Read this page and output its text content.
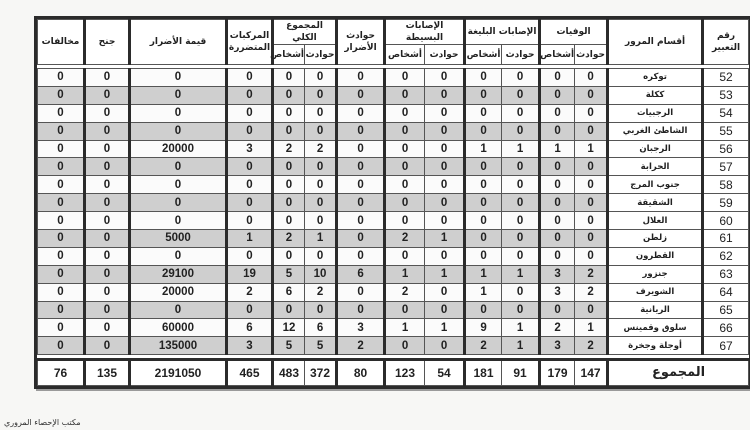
رقم التعبير	أقسام المرور	الوفيات		الإصابات البليغة		الإصابات البسيطة		حوادث الأضرار	المجموع الكلي		المركبات المتضررة	قيمة الأضرار	جنح	مخالفات
		حوادث	أشخاص	حوادث	أشخاص	حوادث	أشخاص		حوادث	أشخاص				

52	توكره	0	0	0	0	0	0	0	0	0	0	0	0	0
53	ككلة	0	0	0	0	0	0	0	0	0	0	0	0	0
54	الرجبيات	0	0	0	0	0	0	0	0	0	0	0	0	0
55	الشاطئ الغربي	0	0	0	0	0	0	0	0	0	0	0	0	0
56	الرجبان	1	1	1	1	0	0	0	2	2	3	20000	0	0
57	الحرابة	0	0	0	0	0	0	0	0	0	0	0	0	0
58	جنوب المرج	0	0	0	0	0	0	0	0	0	0	0	0	0
59	الشقيقة	0	0	0	0	0	0	0	0	0	0	0	0	0
60	العلال	0	0	0	0	0	0	0	0	0	0	0	0	0
61	زلطن	0	0	0	0	1	2	0	1	2	1	5000	0	0
62	القطرون	0	0	0	0	0	0	0	0	0	0	0	0	0
63	جنزور	2	3	1	1	1	1	6	10	5	19	29100	0	0
64	الشويرف	2	3	0	1	0	2	0	2	6	2	20000	0	0
65	الريانية	0	0	0	0	0	0	0	0	0	0	0	0	0
66	سلوق وقمينس	1	2	1	9	1	1	3	6	12	6	60000	0	0
67	أوجلة وجخرة	2	3	1	2	0	0	2	5	5	3	135000	0	0

المجموع		147	179	91	181	54	123	80	372	483	465	2191050	135	76
مكتب الإحصاء المروري
